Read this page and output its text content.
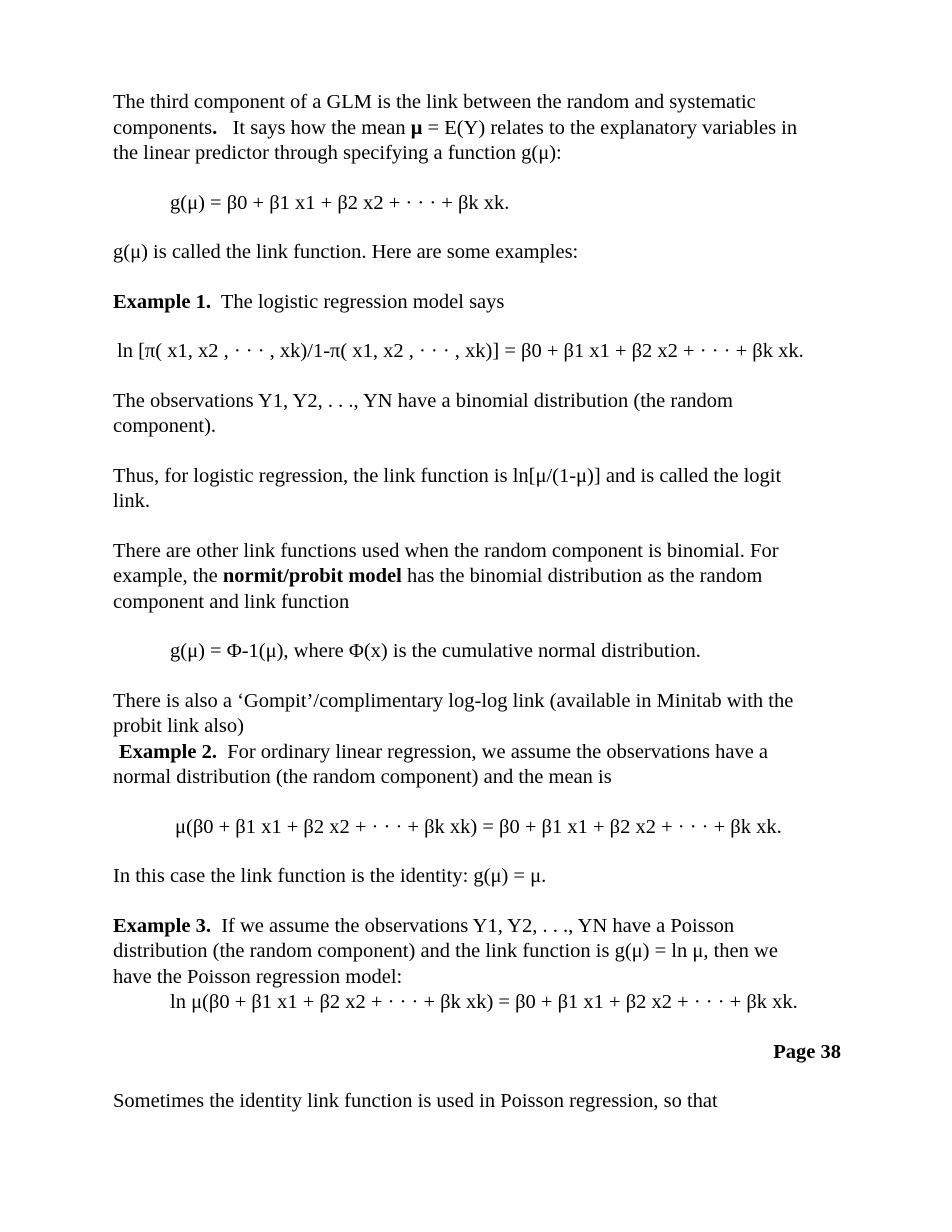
The third component of a GLM is the link between the random and systematic
components. It says how the mean μ = E(Y) relates to the explanatory variables in
the linear predictor through specifying a function g(μ):

g(μ) = β0 + β1 x1 + β2 x2 + · · · + βk xk.

g(μ) is called the link function. Here are some examples:

Example 1. The logistic regression model says

ln [π( x1, x2 , · · · , xk)/1-π( x1, x2 , · · · , xk)] = β0 + β1 x1 + β2 x2 + · · · + βk xk.

The observations Y1, Y2, . . ., YN have a binomial distribution (the random
component).

Thus, for logistic regression, the link function is ln[μ/(1-μ)] and is called the logit
link.

There are other link functions used when the random component is binomial. For
example, the normit/probit model has the binomial distribution as the random
component and link function

g(μ) = Φ-1(μ), where Φ(x) is the cumulative normal distribution.

There is also a ‘Gompit’/complimentary log-log link (available in Minitab with the
probit link also)

Example 2. For ordinary linear regression, we assume the observations have a

normal distribution (the random component) and the mean is

μ(β0 + β1 x1 + β2 x2 + · · · + βk xk) = β0 + β1 x1 + β2 x2 + · · · + βk xk.

In this case the link function is the identity: g(μ) = μ.

Example 3. If we assume the observations Y1, Y2, . . ., YN have a Poisson
distribution (the random component) and the link function is g(μ) = ln μ, then we
have the Poisson regression model:

ln μ(β0 + β1 x1 + β2 x2 + · · · + βk xk) = β0 + β1 x1 + β2 x2 + · · · + βk xk.

Page 38

Sometimes the identity link function is used in Poisson regression, so that
